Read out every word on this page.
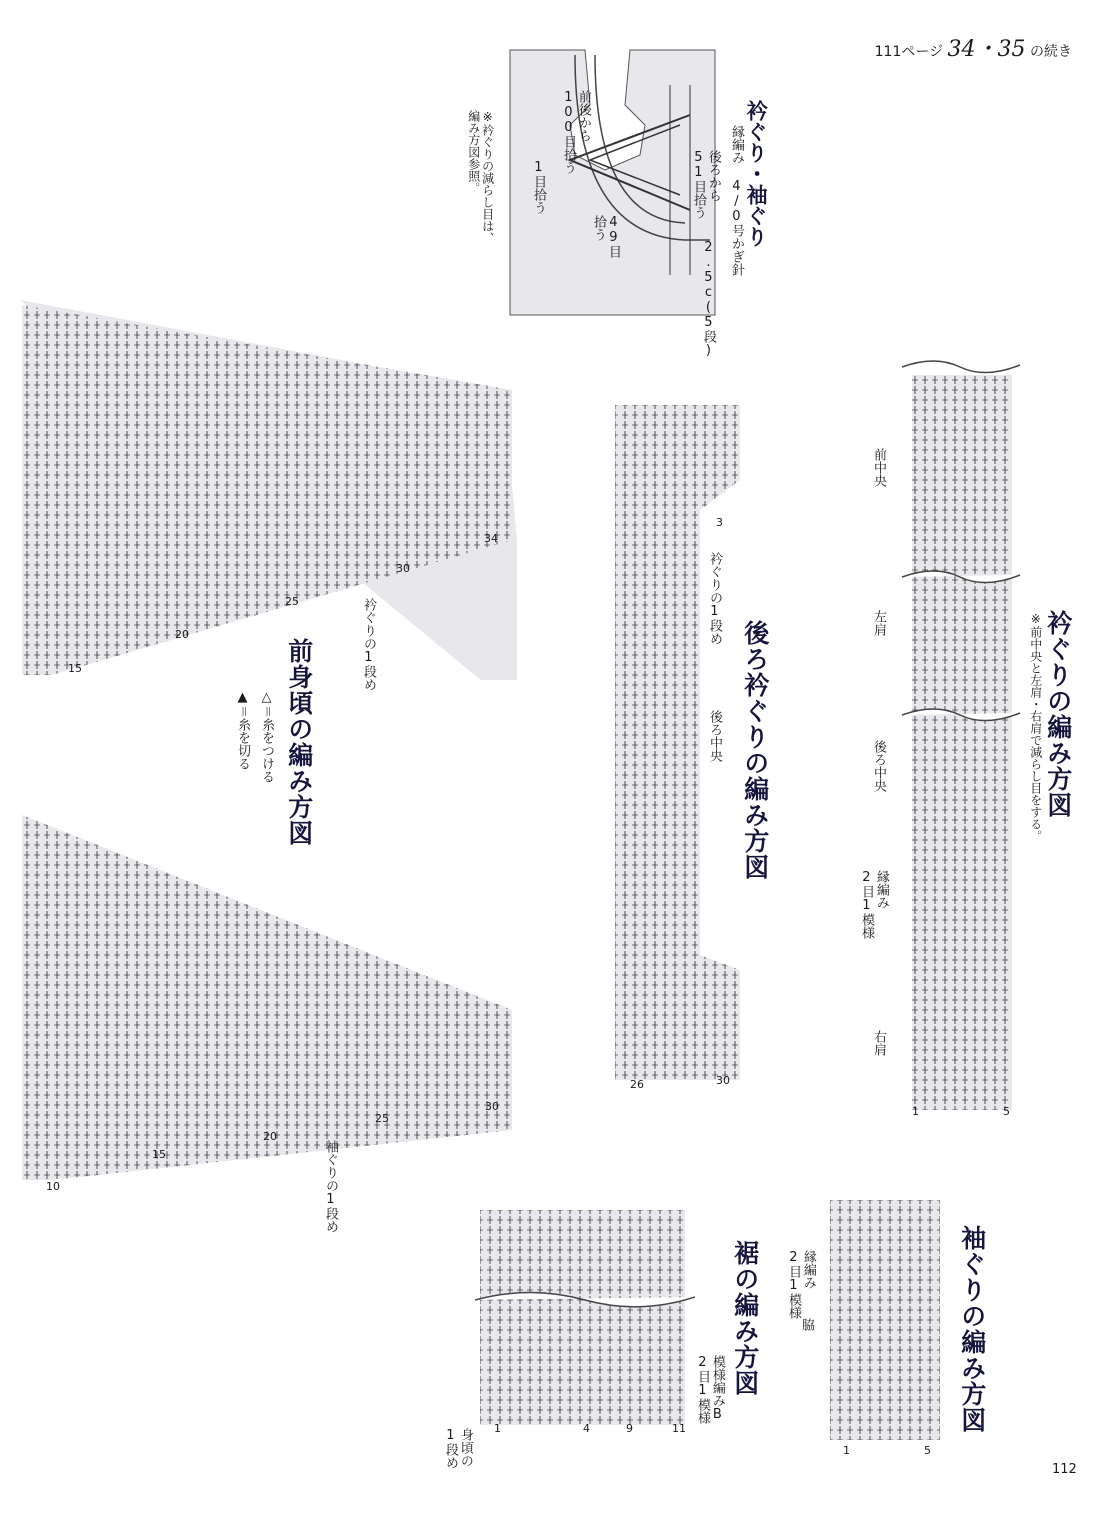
111ページ 34・35 の続き
衿ぐり・袖ぐり
縁編み 4/0号かぎ針
後ろから
51目拾う
2.5c(5段)
前後から
100目拾う
49目
拾う
1目拾う
※衿ぐりの減らし目は、
編み方図参照。
衿ぐりの編み方図
※前中央と左肩・右肩で減らし目をする。
前中央
左肩
後ろ中央
縁編み
2目1模様
右肩
1	5
後ろ衿ぐりの編み方図
衿ぐりの1段め
後ろ中央
3
26	30
衿ぐりの1段め
15
20
25
30
34
前身頃の編み方図
△＝糸をつける
▲＝糸を切る
袖ぐりの1段め
10
15
20
25
30
裾の編み方図
模様編みB
2目1模様
身頃の
1段め	1	4	9	11	袖ぐりの編み方図
脇
縁編み
2目1模様
1	5
112
